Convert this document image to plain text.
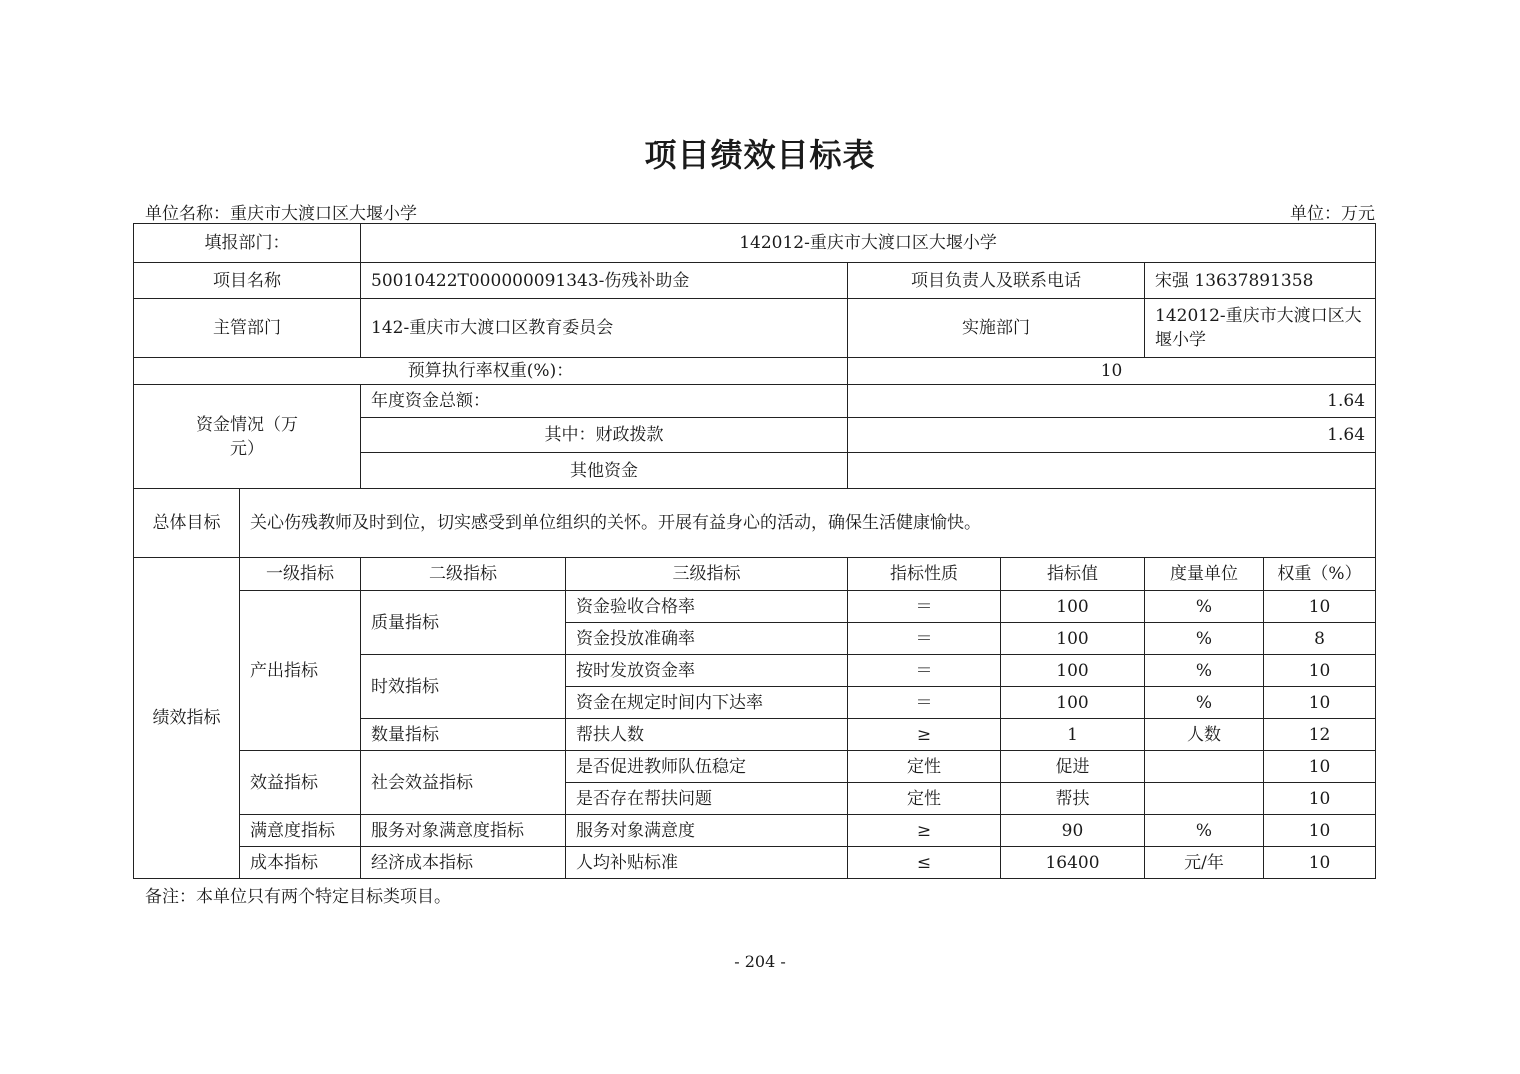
项目绩效目标表
单位名称：重庆市大渡口区大堰小学	单位：万元
填报部门：		142012-重庆市大渡口区大堰小学					
项目名称		50010422T000000091343-伤残补助金		项目负责人及联系电话		宋强 13637891358	
主管部门		142-重庆市大渡口区教育委员会		实施部门		142012-重庆市大渡口区大堰小学	
预算执行率权重(%)：				10			

资金情况（万元）		年度资金总额：		1.64			
		其中：财政拨款		1.64			
		其他资金					
总体目标	关心伤残教师及时到位，切实感受到单位组织的关怀。开展有益身心的活动，确保生活健康愉快。						
绩效指标	一级指标	二级指标	三级指标	指标性质	指标值	度量单位	权重（%）
	产出指标	质量指标	资金验收合格率	＝	100	%	10
			资金投放准确率	＝	100	%	8
		时效指标	按时发放资金率	＝	100	%	10
			资金在规定时间内下达率	＝	100	%	10
		数量指标	帮扶人数	≥	1	人数	12
	效益指标	社会效益指标	是否促进教师队伍稳定	定性	促进		10
			是否存在帮扶问题	定性	帮扶		10
	满意度指标	服务对象满意度指标	服务对象满意度	≥	90	%	10
	成本指标	经济成本指标	人均补贴标准	≤	16400	元/年	10
备注：本单位只有两个特定目标类项目。
- 204 -
